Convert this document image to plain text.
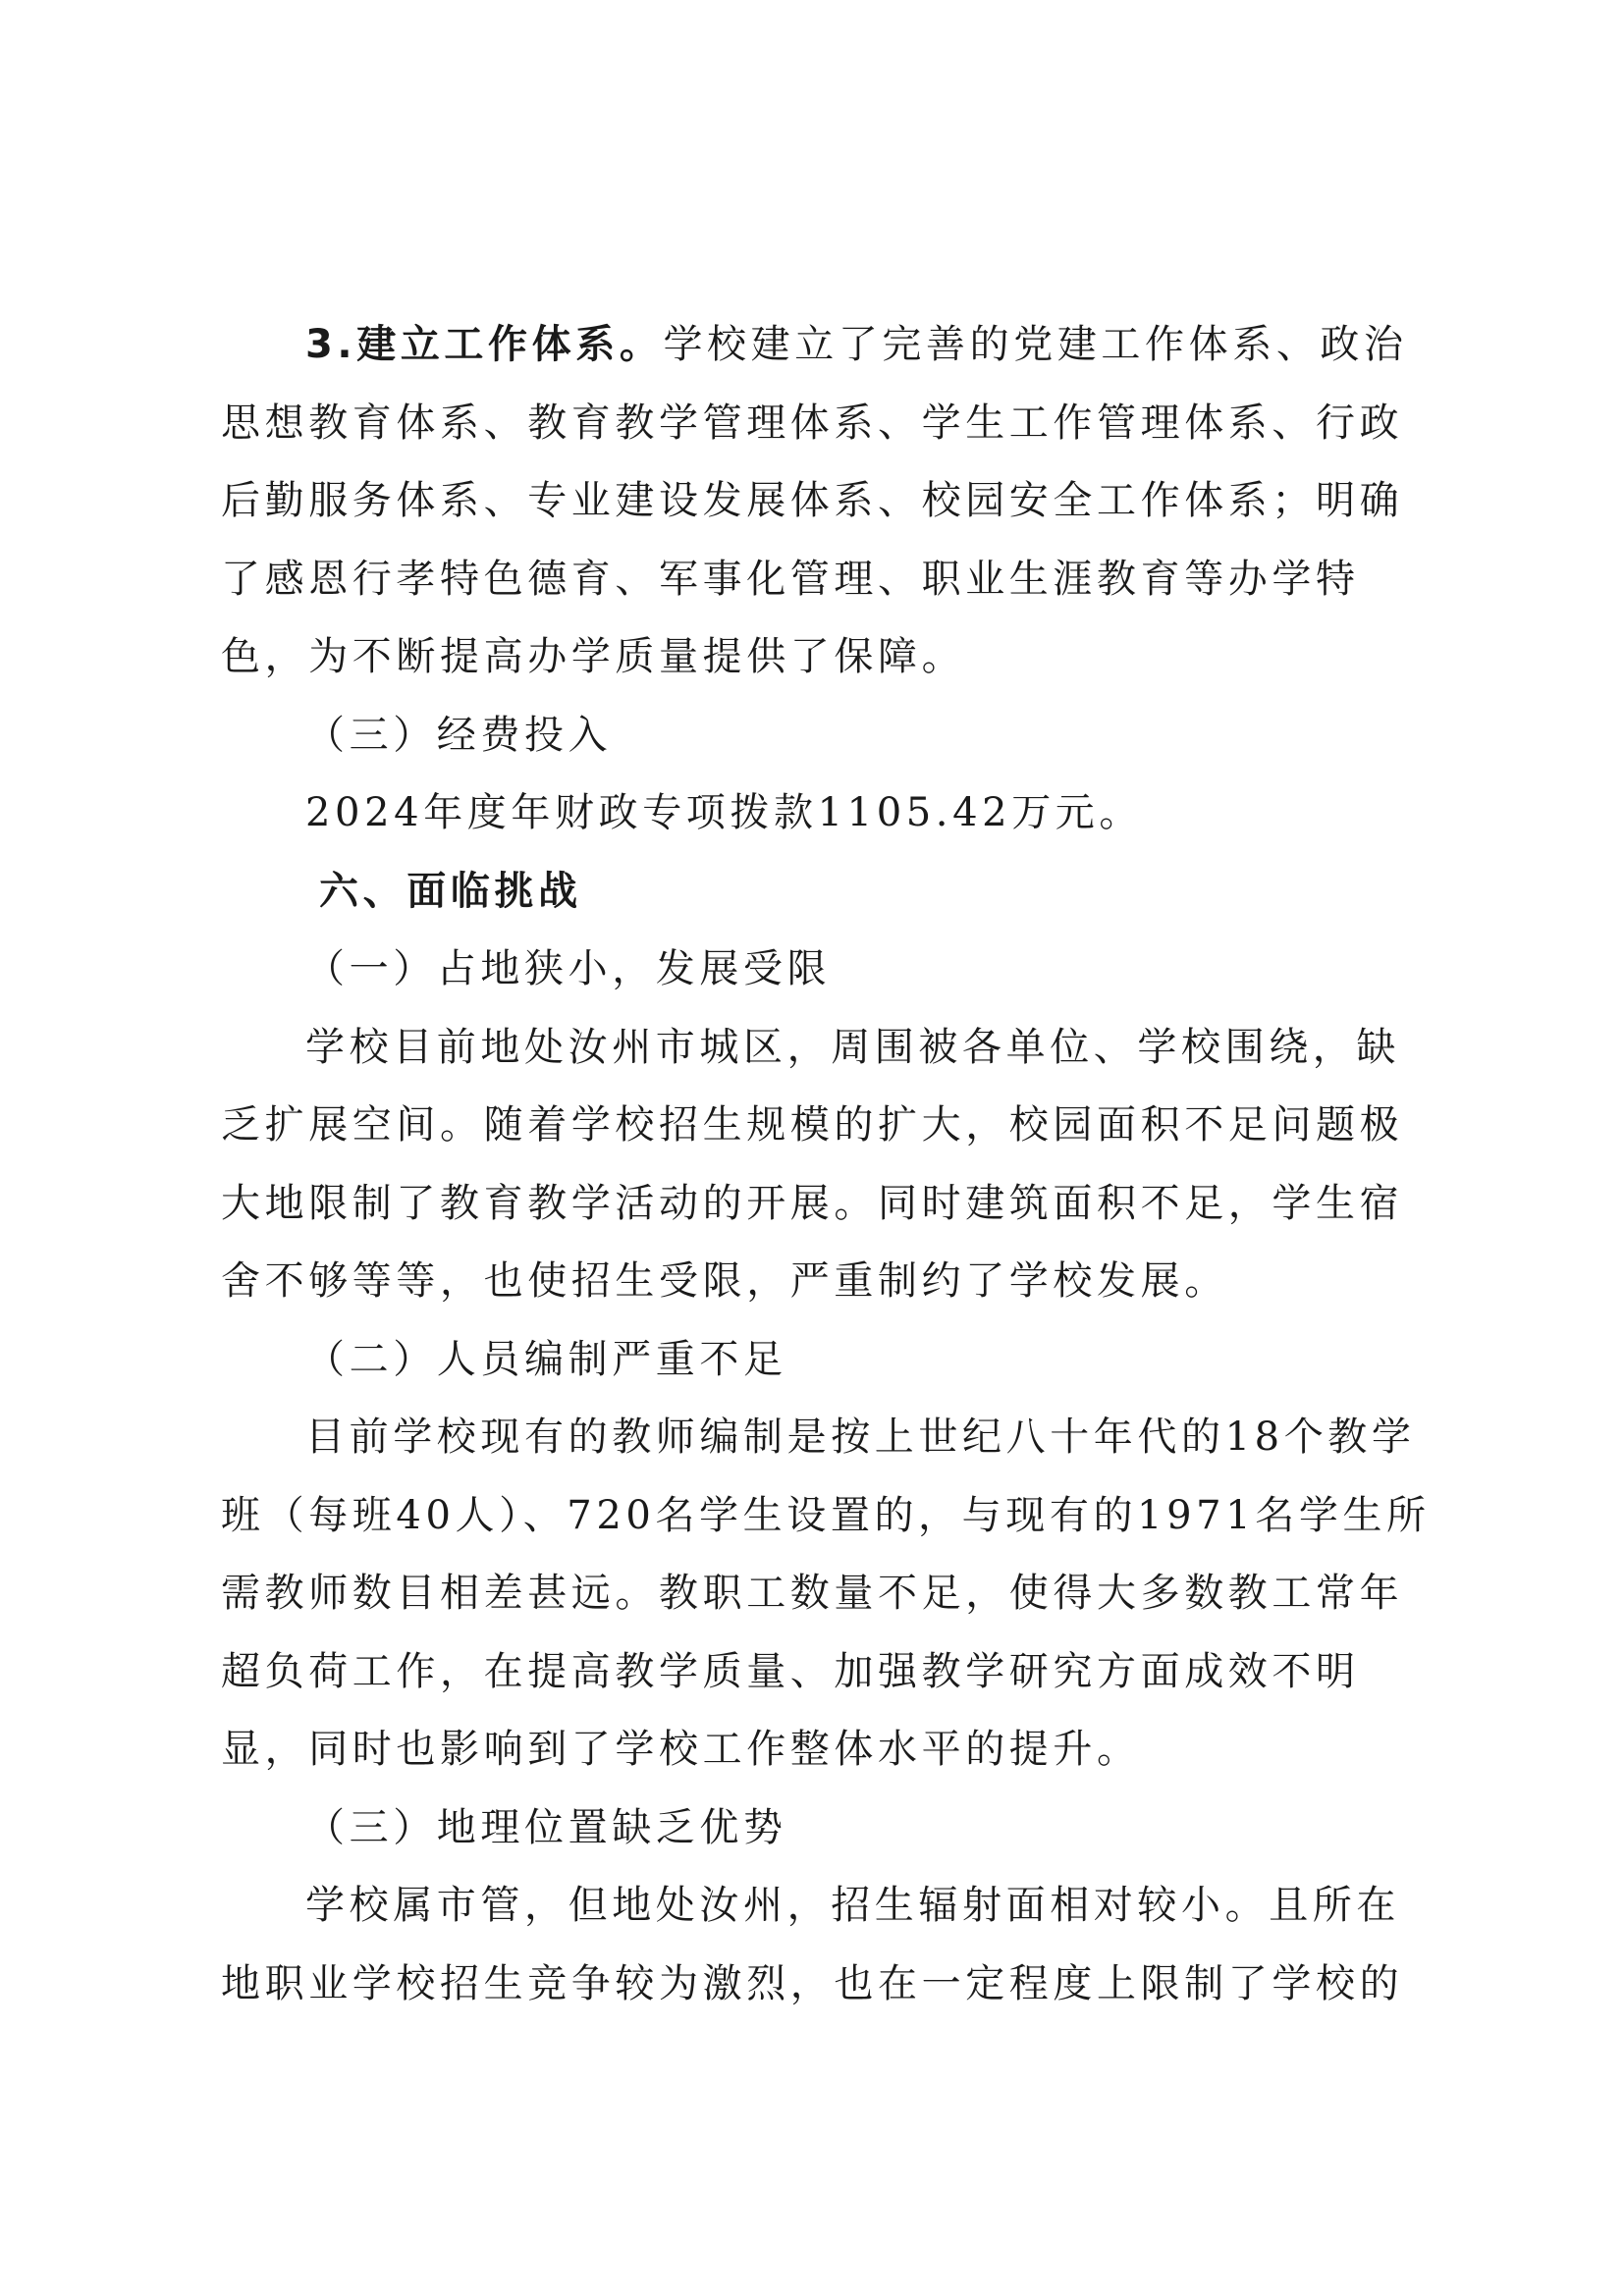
3.建立工作体系。学校建立了完善的党建工作体系、政治
思想教育体系、教育教学管理体系、学生工作管理体系、行政
后勤服务体系、专业建设发展体系、校园安全工作体系；明确
了感恩行孝特色德育、军事化管理、职业生涯教育等办学特
色，为不断提高办学质量提供了保障。
（三）经费投入
2024年度年财政专项拨款1105.42万元。
六、面临挑战
（一）占地狭小，发展受限
学校目前地处汝州市城区，周围被各单位、学校围绕，缺
乏扩展空间。随着学校招生规模的扩大，校园面积不足问题极
大地限制了教育教学活动的开展。同时建筑面积不足，学生宿
舍不够等等，也使招生受限，严重制约了学校发展。
（二）人员编制严重不足
目前学校现有的教师编制是按上世纪八十年代的18个教学
班（每班40人）、720名学生设置的，与现有的1971名学生所
需教师数目相差甚远。教职工数量不足，使得大多数教工常年
超负荷工作，在提高教学质量、加强教学研究方面成效不明
显，同时也影响到了学校工作整体水平的提升。
（三）地理位置缺乏优势
学校属市管，但地处汝州，招生辐射面相对较小。且所在
地职业学校招生竞争较为激烈，也在一定程度上限制了学校的
